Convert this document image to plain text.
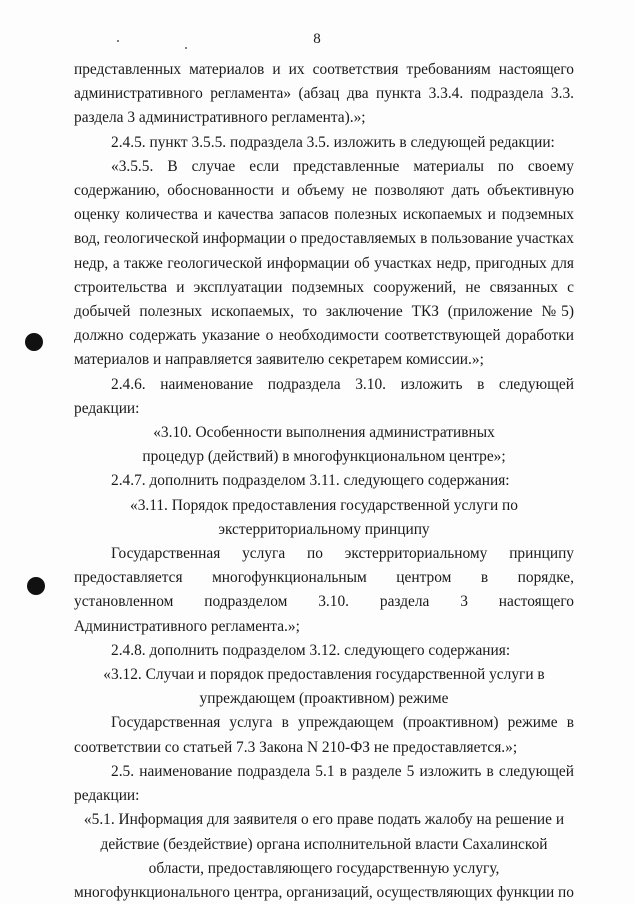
8

представленных материалов и их соответствия требованиям настоящего административного регламента» (абзац два пункта 3.3.4. подраздела 3.3. раздела 3 административного регламента).»;

2.4.5. пункт 3.5.5. подраздела 3.5. изложить в следующей редакции:

«3.5.5. В случае если представленные материалы по своему содержанию, обоснованности и объему не позволяют дать объективную оценку количества и качества запасов полезных ископаемых и подземных вод, геологической информации о предоставляемых в пользование участках недр, а также геологической информации об участках недр, пригодных для строительства и эксплуатации подземных сооружений, не связанных с добычей полезных ископаемых, то заключение ТКЗ (приложение №5) должно содержать указание о необходимости соответствующей доработки материалов и направляется заявителю секретарем комиссии.»;

2.4.6. наименование подраздела 3.10. изложить в следующей редакции:

«3.10. Особенности выполнения административных процедур (действий) в многофункциональном центре»;

2.4.7. дополнить подразделом 3.11. следующего содержания:

«3.11. Порядок предоставления государственной услуги по экстерриториальному принципу

Государственная услуга по экстерриториальному принципу предоставляется многофункциональным центром в порядке, установленном подразделом 3.10. раздела 3 настоящего Административного регламента.»;

2.4.8. дополнить подразделом 3.12. следующего содержания:

«3.12. Случаи и порядок предоставления государственной услуги в упреждающем (проактивном) режиме

Государственная услуга в упреждающем (проактивном) режиме в соответствии со статьей 7.3 Закона N 210-ФЗ не предоставляется.»;

2.5. наименование подраздела 5.1 в разделе 5 изложить в следующей редакции:

«5.1. Информация для заявителя о его праве подать жалобу на решение и действие (бездействие) органа исполнительной власти Сахалинской области, предоставляющего государственную услугу, многофункционального центра, организаций, осуществляющих функции по
